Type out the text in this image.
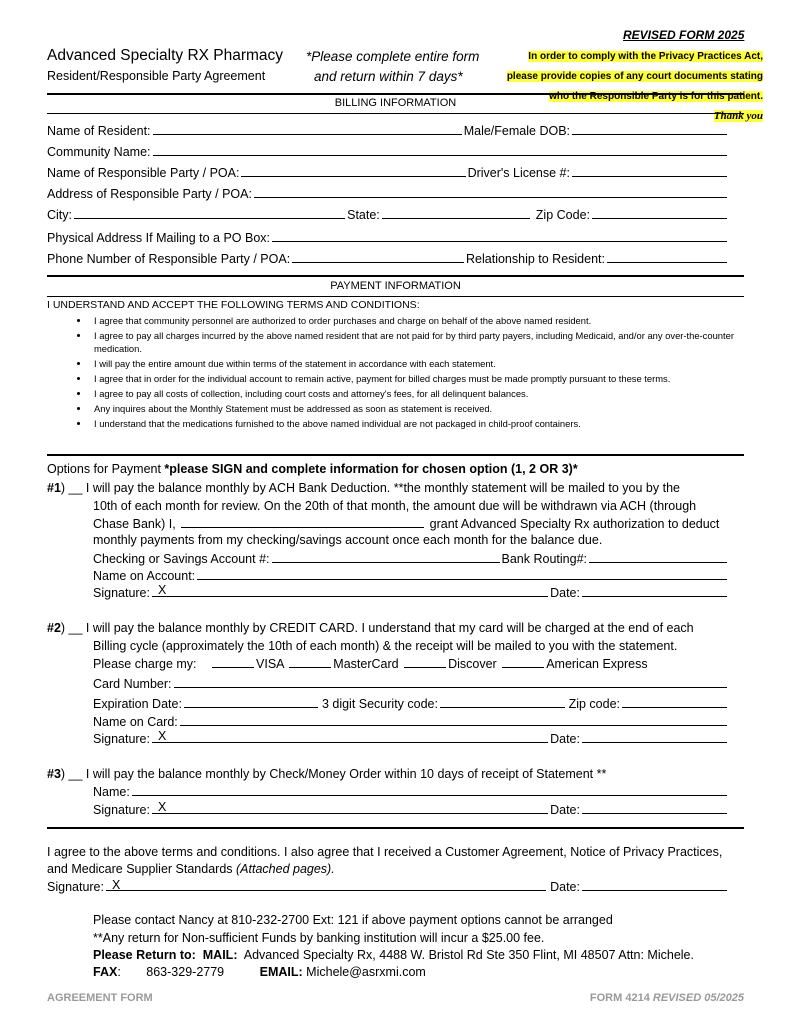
REVISED FORM 2025
Advanced Specialty RX Pharmacy
Resident/Responsible Party Agreement
*Please complete entire form
and return within 7 days*
In order to comply with the Privacy Practices Act,
please provide copies of any court documents stating
who the Responsible Party is for this patient.
Thank you
BILLING INFORMATION
Name of Resident:	Male/Female DOB:
Community Name:
Name of Responsible Party / POA:	Driver's License #:
Address of Responsible Party / POA:
City:	State:	Zip Code:
Physical Address If Mailing to a PO Box:
Phone Number of Responsible Party / POA:	Relationship to Resident:
PAYMENT INFORMATION
I UNDERSTAND AND ACCEPT THE FOLLOWING TERMS AND CONDITIONS:
• I agree that community personnel are authorized to order purchases and charge on behalf of the above named resident.
• I agree to pay all charges incurred by the above named resident that are not paid for by third party payers, including Medicaid, and/or any over-the-counter medication.
• I will pay the entire amount due within terms of the statement in accordance with each statement.
• I agree that in order for the individual account to remain active, payment for billed charges must be made promptly pursuant to these terms.
• I agree to pay all costs of collection, including court costs and attorney's fees, for all delinquent balances.
• Any inquires about the Monthly Statement must be addressed as soon as statement is received.
• I understand that the medications furnished to the above named individual are not packaged in child-proof containers.
Options for Payment *please SIGN and complete information for chosen option (1, 2 OR 3)*
#1) __ I will pay the balance monthly by ACH Bank Deduction. **the monthly statement will be mailed to you by the
10th of each month for review. On the 20th of that month, the amount due will be withdrawn via ACH (through
Chase Bank) I,	grant Advanced Specialty Rx authorization to deduct
monthly payments from my checking/savings account once each month for the balance due.
Checking or Savings Account #:	Bank Routing#:
Name on Account:
Signature: X	Date:
#2) __ I will pay the balance monthly by CREDIT CARD. I understand that my card will be charged at the end of each
Billing cycle (approximately the 10th of each month) & the receipt will be mailed to you with the statement.
Please charge my:	VISA	MasterCard	Discover	American Express
Card Number:
Expiration Date:	3 digit Security code:	Zip code:
Name on Card:
Signature: X	Date:
#3) __ I will pay the balance monthly by Check/Money Order within 10 days of receipt of Statement **
Name:
Signature: X	Date:
I agree to the above terms and conditions. I also agree that I received a Customer Agreement, Notice of Privacy Practices,
and Medicare Supplier Standards (Attached pages).
Signature: X	Date:
Please contact Nancy at 810-232-2700 Ext: 121 if above payment options cannot be arranged
**Any return for Non-sufficient Funds by banking institution will incur a $25.00 fee.
Please Return to: MAIL: Advanced Specialty Rx, 4488 W. Bristol Rd Ste 350 Flint, MI 48507 Attn: Michele.
FAX: 863-329-2779	EMAIL: Michele@asrxmi.com
AGREEMENT FORM	FORM 4214 REVISED 05/2025
